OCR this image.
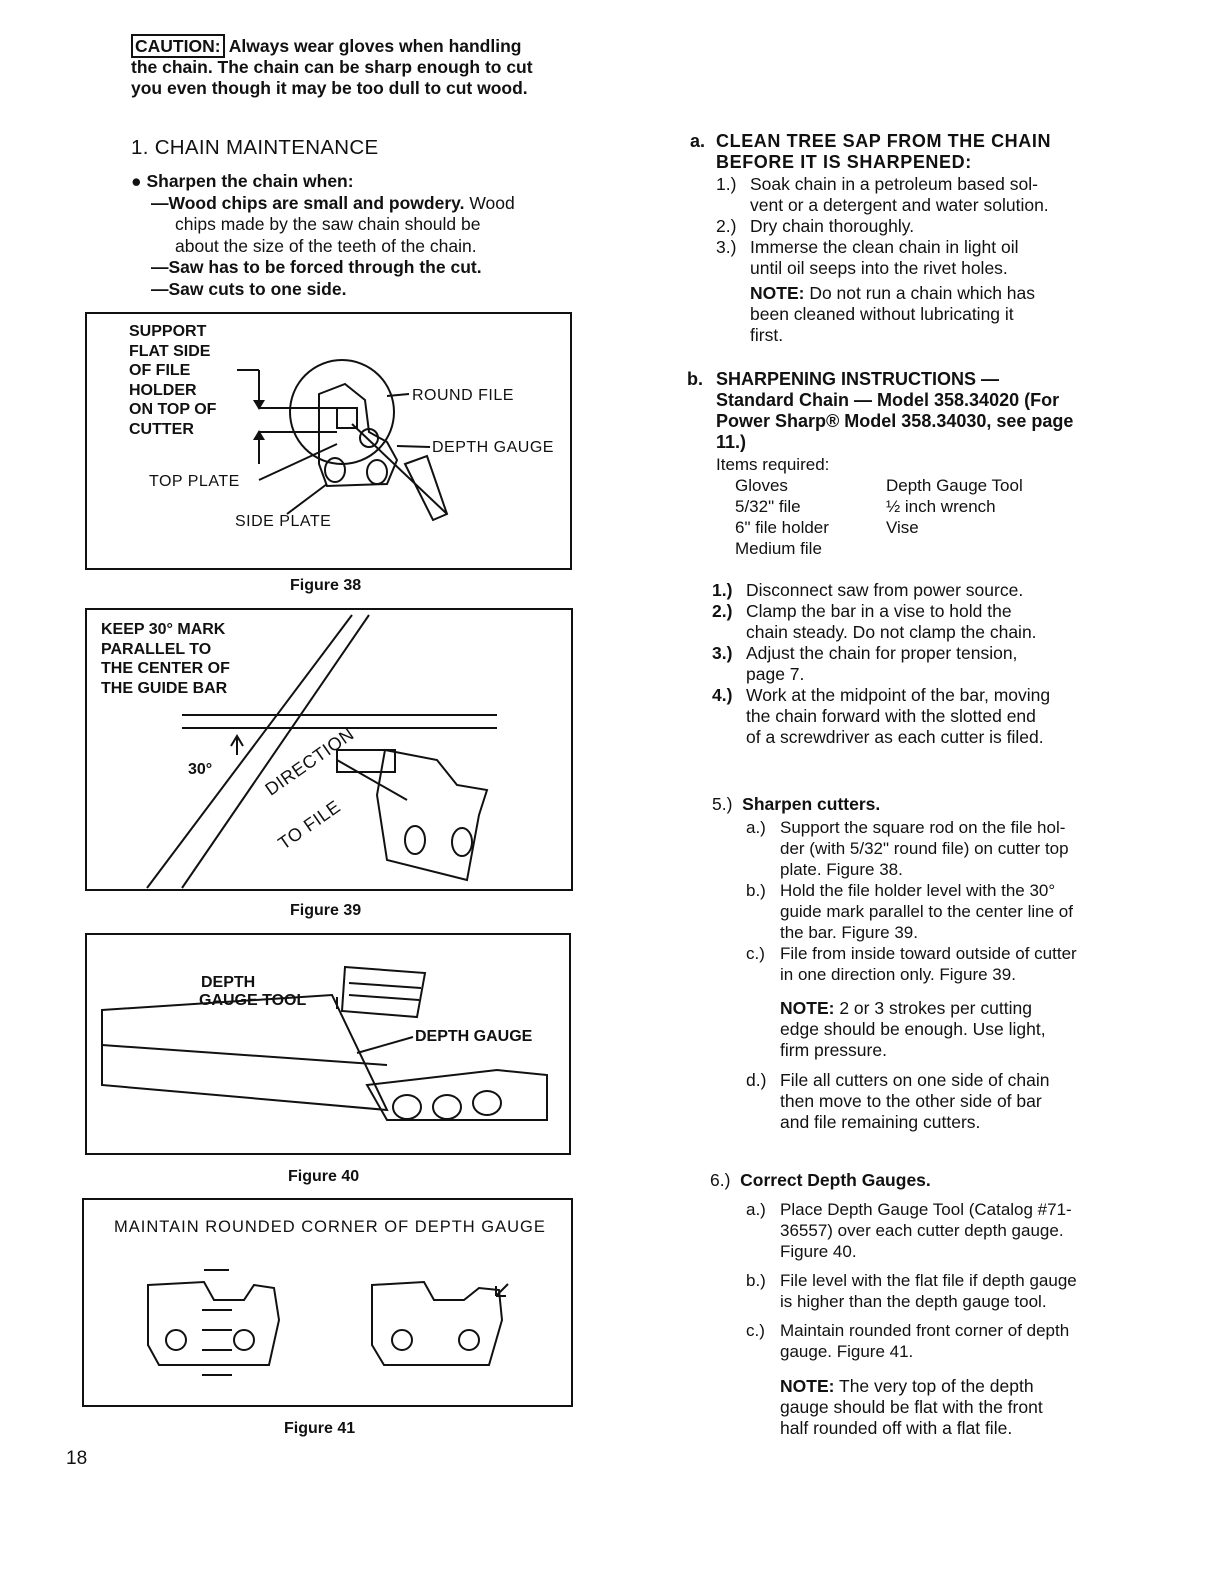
CAUTION: Always wear gloves when handling
the chain. The chain can be sharp enough to cut
you even though it may be too dull to cut wood.
1. CHAIN MAINTENANCE
● Sharpen the chain when:
—Wood chips are small and powdery. Wood
chips made by the saw chain should be
about the size of the teeth of the chain.
—Saw has to be forced through the cut.
—Saw cuts to one side.
SUPPORT
FLAT SIDE
OF FILE
HOLDER
ON TOP OF
CUTTER
ROUND FILE
DEPTH GAUGE
TOP PLATE
SIDE PLATE
Figure 38
KEEP 30° MARK
PARALLEL TO
THE CENTER OF
THE GUIDE BAR
30°	DIRECTION
TO FILE
Figure 39
DEPTH
GAUGE TOOL
DEPTH GAUGE
Figure 40
MAINTAIN ROUNDED CORNER OF DEPTH GAUGE
Figure 41
18
a. CLEAN TREE SAP FROM THE CHAIN
BEFORE IT IS SHARPENED:
1.) Soak chain in a petroleum based sol-
vent or a detergent and water solution.
2.) Dry chain thoroughly.
3.) Immerse the clean chain in light oil
until oil seeps into the rivet holes.
NOTE: Do not run a chain which has
been cleaned without lubricating it
first.
b. SHARPENING INSTRUCTIONS —
Standard Chain — Model 358.34020 (For
Power Sharp® Model 358.34030, see page
11.)
Items required:
Gloves
5/32" file
6" file holder
Medium file
Depth Gauge Tool
½ inch wrench
Vise
1.) Disconnect saw from power source.
2.) Clamp the bar in a vise to hold the
chain steady. Do not clamp the chain.
3.) Adjust the chain for proper tension,
page 7.
4.) Work at the midpoint of the bar, moving
the chain forward with the slotted end
of a screwdriver as each cutter is filed.
5.) Sharpen cutters.
a.) Support the square rod on the file hol-
der (with 5/32" round file) on cutter top
plate. Figure 38.
b.) Hold the file holder level with the 30°
guide mark parallel to the center line of
the bar. Figure 39.
c.) File from inside toward outside of cutter
in one direction only. Figure 39.
NOTE: 2 or 3 strokes per cutting
edge should be enough. Use light,
firm pressure.
d.) File all cutters on one side of chain
then move to the other side of bar
and file remaining cutters.
6.) Correct Depth Gauges.
a.) Place Depth Gauge Tool (Catalog #71-
36557) over each cutter depth gauge.
Figure 40.
b.) File level with the flat file if depth gauge
is higher than the depth gauge tool.
c.) Maintain rounded front corner of depth
gauge. Figure 41.
NOTE: The very top of the depth
gauge should be flat with the front
half rounded off with a flat file.
